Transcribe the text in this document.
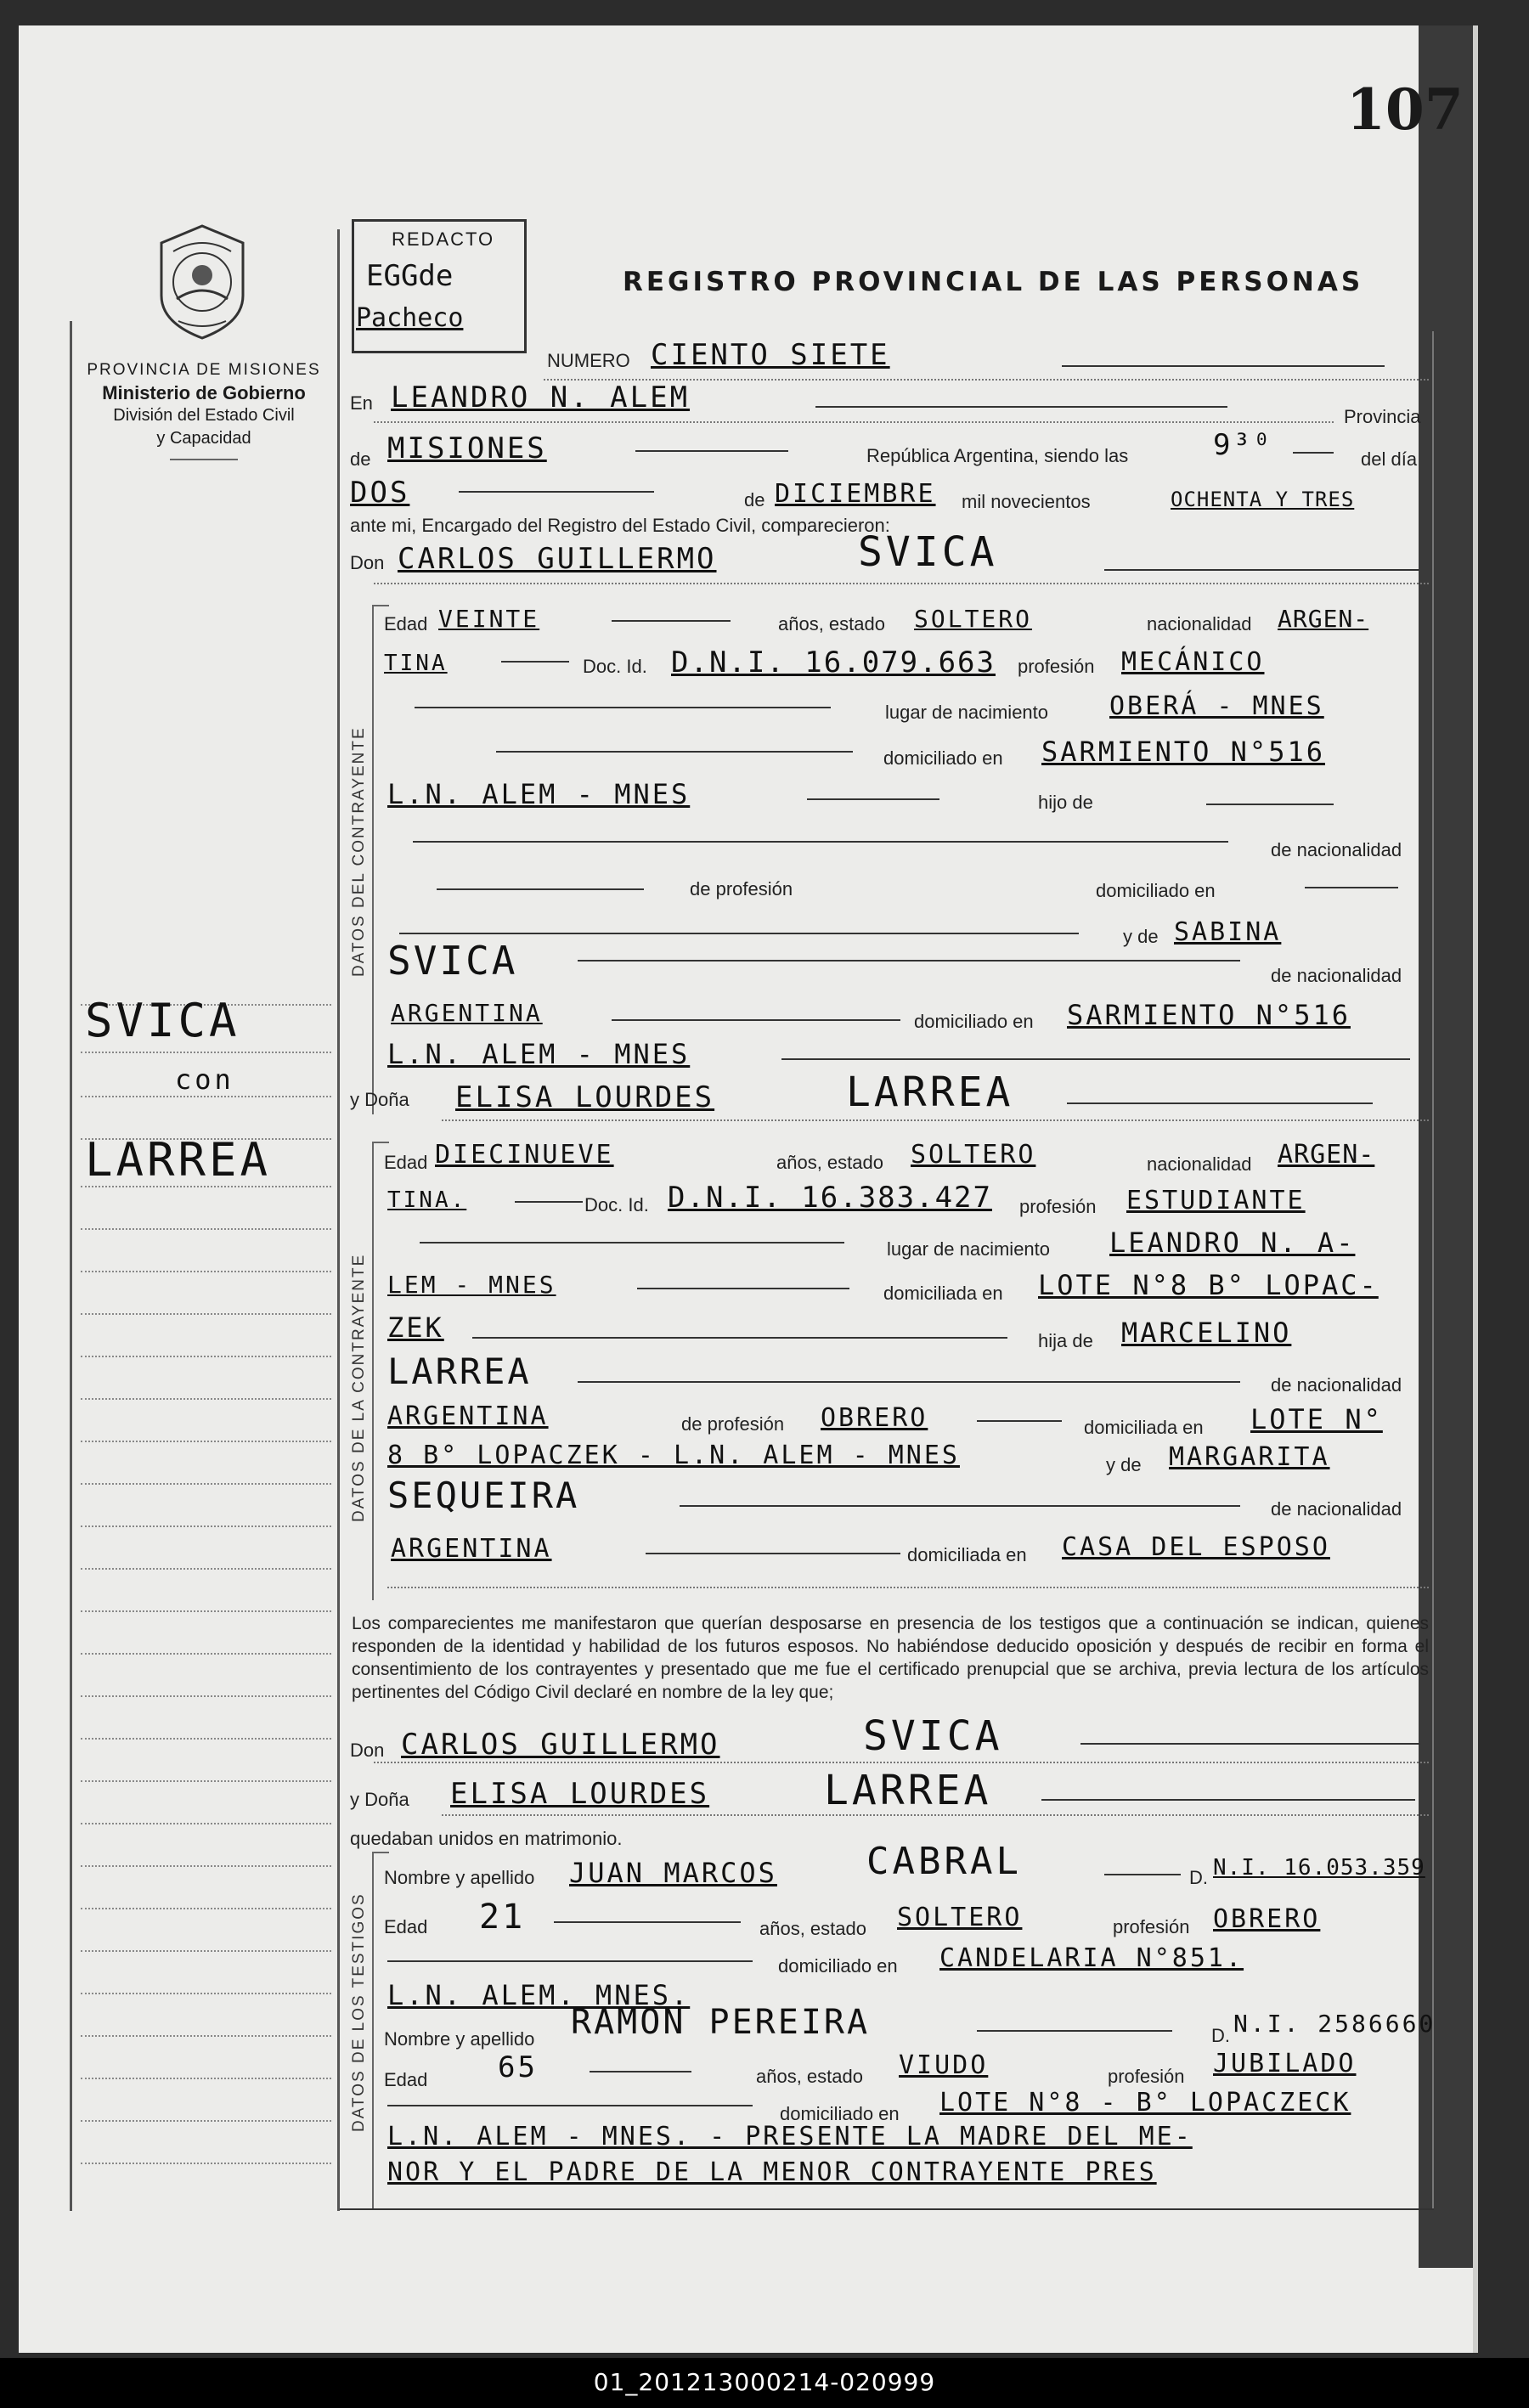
107
PROVINCIA DE MISIONES
Ministerio de Gobierno
División del Estado Civil
y Capacidad
REDACTO
EGGde
Pacheco
REGISTRO PROVINCIAL DE LAS PERSONAS
NUMERO CIENTO SIETE
En LEANDRO N. ALEM
Provincia
de MISIONES	República Argentina, siendo las	9³⁰	del día
DOS	de DICIEMBRE mil novecientos	OCHENTA Y TRES
ante mi, Encargado del Registro del Estado Civil, comparecieron:
Don CARLOS GUILLERMO	SVICA
DATOS DEL CONTRAYENTE
Edad VEINTE	años, estado SOLTERO	nacionalidad ARGEN-
TINA	Doc. Id. D.N.I. 16.079.663 profesión MECÁNICO
lugar de nacimiento OBERÁ - MNES
domiciliado en SARMIENTO N°516
L.N. ALEM - MNES	hijo de
de nacionalidad
de profesión	domiciliado en
y de SABINA
SVICA	de nacionalidad
ARGENTINA	domiciliado en SARMIENTO N°516
L.N. ALEM - MNES
SVICA
con
LARREA
y Doña ELISA LOURDES	LARREA
DATOS DE LA CONTRAYENTE
Edad DIECINUEVE	años, estado SOLTERO	nacionalidad ARGEN-
TINA.	Doc. Id. D.N.I. 16.383.427 profesión ESTUDIANTE
lugar de nacimiento LEANDRO N. A-
LEM - MNES	domiciliada en LOTE N°8 B° LOPAC-
ZEK	hija de MARCELINO
LARREA	de nacionalidad
ARGENTINA	de profesión OBRERO	domiciliada en LOTE N°
8 B° LOPACZEK - L.N. ALEM - MNES	y de MARGARITA
SEQUEIRA	de nacionalidad
ARGENTINA	domiciliada en CASA DEL ESPOSO
Los comparecientes me manifestaron que querían desposarse en presencia de los testigos que a continuación se indican, quienes responden de la identidad y habilidad de los futuros esposos. No habiéndose deducido oposición y después de recibir en forma el consentimiento de los contrayentes y presentado que me fue el certificado prenupcial que se archiva, previa lectura de los artículos pertinentes del Código Civil declaré en nombre de la ley que;
Don CARLOS GUILLERMO	SVICA
y Doña ELISA LOURDES	LARREA
quedaban unidos en matrimonio.
DATOS DE LOS TESTIGOS
Nombre y apellido JUAN MARCOS CABRAL	D. N.I. 16.053.359
Edad 21	años, estado SOLTERO	profesión OBRERO
domiciliado en CANDELARIA N°851.
L.N. ALEM. MNES.
Nombre y apellido RAMON PEREIRA	D. N.I. 2586660
Edad 65	años, estado VIUDO	profesión JUBILADO
domiciliado en LOTE N°8 - B° LOPACZECK
L.N. ALEM - MNES. - PRESENTE LA MADRE DEL ME-
NOR Y EL PADRE DE LA MENOR CONTRAYENTE PRES
01_201213000214-020999
